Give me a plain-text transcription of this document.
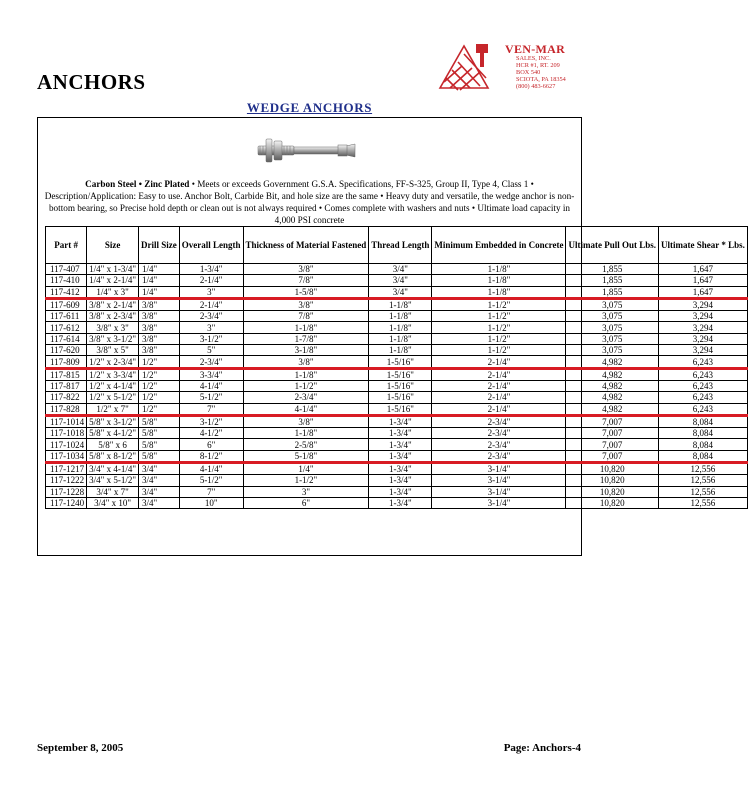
ANCHORS
VEN-MAR
SALES, INC.
HCR #1, RT. 209
BOX 540
SCIOTA, PA 18354
(800) 483-6627
WEDGE ANCHORS
Carbon Steel • Zinc Plated • Meets or exceeds Government G.S.A. Specifications, FF-S-325, Group II, Type 4, Class 1 • Description/Application: Easy to use. Anchor Bolt, Carbide Bit, and hole size are the same • Heavy duty and versatile, the wedge anchor is non-bottom bearing, so Precise hold depth or clean out is not always required • Comes complete with washers and nuts • Ultimate load capacity in 4,000 PSI concrete
Part #	Size	Drill Size	Overall Length	Thickness of Material Fastened	Thread Length	Minimum Embedded in Concrete	Ultimate Pull Out Lbs.	Ultimate Shear * Lbs.
117-407	1/4" x 1-3/4"	1/4"	1-3/4"	3/8"	3/4"	1-1/8"	1,855	1,647
117-410	1/4" x 2-1/4"	1/4"	2-1/4"	7/8"	3/4"	1-1/8"	1,855	1,647
117-412	1/4" x 3"	1/4"	3"	1-5/8"	3/4"	1-1/8"	1,855	1,647
117-609	3/8" x 2-1/4"	3/8"	2-1/4"	3/8"	1-1/8"	1-1/2"	3,075	3,294
117-611	3/8" x 2-3/4"	3/8"	2-3/4"	7/8"	1-1/8"	1-1/2"	3,075	3,294
117-612	3/8" x 3"	3/8"	3"	1-1/8"	1-1/8"	1-1/2"	3,075	3,294
117-614	3/8" x 3-1/2"	3/8"	3-1/2"	1-7/8"	1-1/8"	1-1/2"	3,075	3,294
117-620	3/8" x 5"	3/8"	5"	3-1/8"	1-1/8"	1-1/2"	3,075	3,294
117-809	1/2" x 2-3/4"	1/2"	2-3/4"	3/8"	1-5/16"	2-1/4"	4,982	6,243
117-815	1/2" x 3-3/4"	1/2"	3-3/4"	1-1/8"	1-5/16"	2-1/4"	4,982	6,243
117-817	1/2" x 4-1/4"	1/2"	4-1/4"	1-1/2"	1-5/16"	2-1/4"	4,982	6,243
117-822	1/2" x 5-1/2"	1/2"	5-1/2"	2-3/4"	1-5/16"	2-1/4"	4,982	6,243
117-828	1/2" x 7"	1/2"	7"	4-1/4"	1-5/16"	2-1/4"	4,982	6,243
117-1014	5/8" x 3-1/2"	5/8"	3-1/2"	3/8"	1-3/4"	2-3/4"	7,007	8,084
117-1018	5/8" x 4-1/2"	5/8"	4-1/2"	1-1/8"	1-3/4"	2-3/4"	7,007	8,084
117-1024	5/8" x 6	5/8"	6"	2-5/8"	1-3/4"	2-3/4"	7,007	8,084
117-1034	5/8" x 8-1/2"	5/8"	8-1/2"	5-1/8"	1-3/4"	2-3/4"	7,007	8,084
117-1217	3/4" x 4-1/4"	3/4"	4-1/4"	1/4"	1-3/4"	3-1/4"	10,820	12,556
117-1222	3/4" x 5-1/2"	3/4"	5-1/2"	1-1/2"	1-3/4"	3-1/4"	10,820	12,556
117-1228	3/4" x 7"	3/4"	7"	3"	1-3/4"	3-1/4"	10,820	12,556
117-1240	3/4" x 10"	3/4"	10"	6"	1-3/4"	3-1/4"	10,820	12,556
September 8, 2005	Page: Anchors-4
